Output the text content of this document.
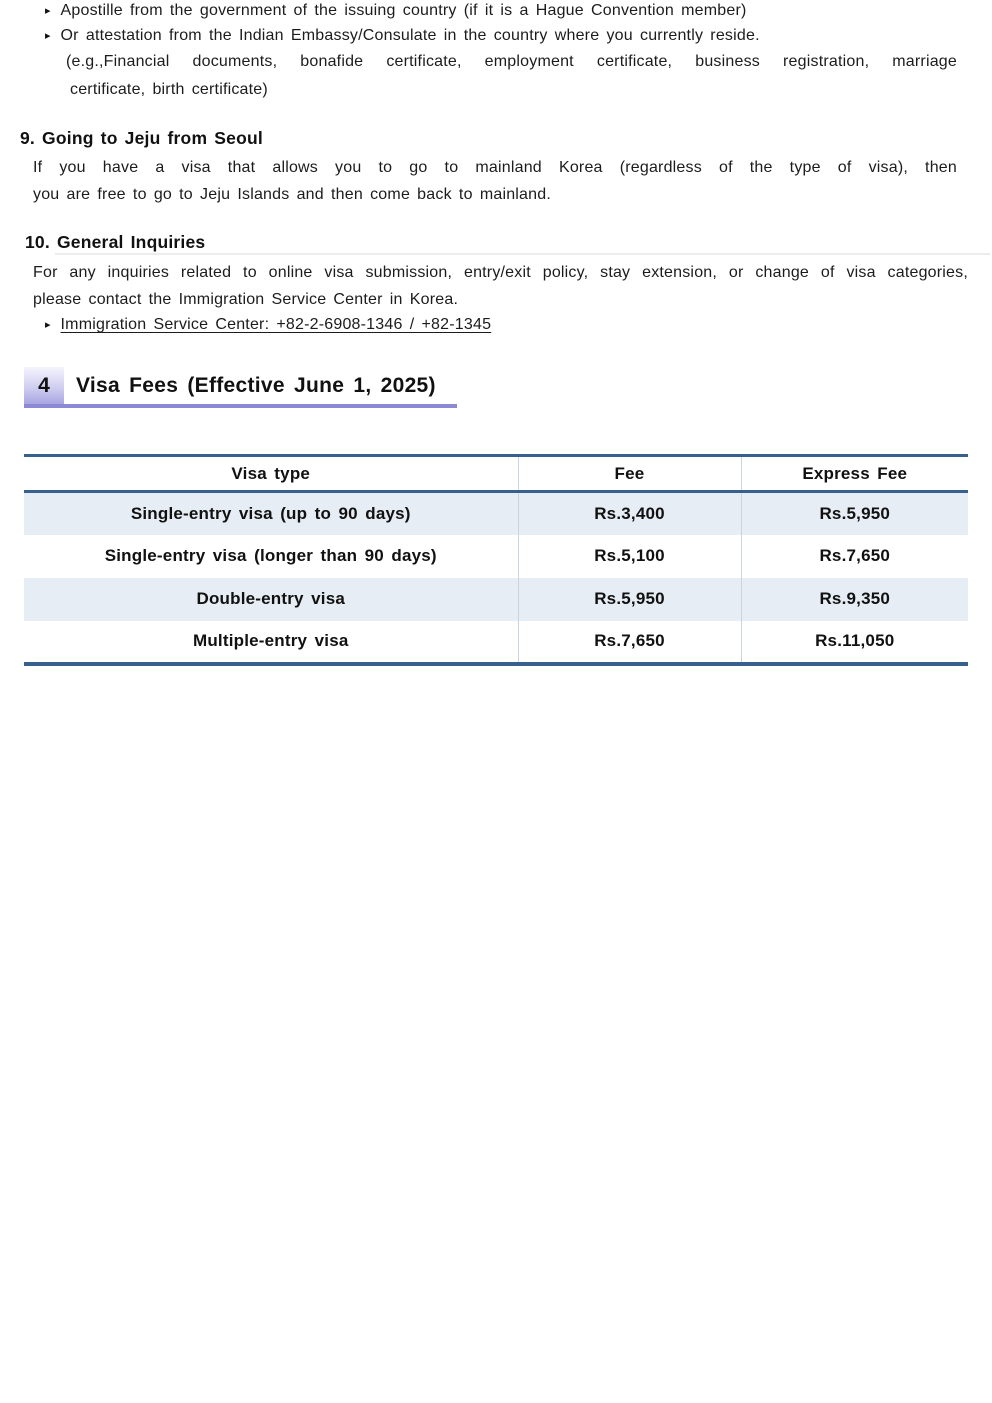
▸ Apostille from the government of the issuing country (if it is a Hague Convention member)
▸ Or attestation from the Indian Embassy/Consulate in the country where you currently reside.
(e.g.,Financial documents, bonafide certificate, employment certificate, business registration, marriage
certificate, birth certificate)
9. Going to Jeju from Seoul
If you have a visa that allows you to go to mainland Korea (regardless of the type of visa), then
you are free to go to Jeju Islands and then come back to mainland.
10. General Inquiries
For any inquiries related to online visa submission, entry/exit policy, stay extension, or change of visa categories,
please contact the Immigration Service Center in Korea.
▸ Immigration Service Center: +82-2-6908-1346 / +82-1345
4	Visa Fees (Effective June 1, 2025)
Visa type	Fee	Express Fee
Single-entry visa (up to 90 days)	Rs.3,400	Rs.5,950
Single-entry visa (longer than 90 days)	Rs.5,100	Rs.7,650
Double-entry visa	Rs.5,950	Rs.9,350
Multiple-entry visa	Rs.7,650	Rs.11,050
